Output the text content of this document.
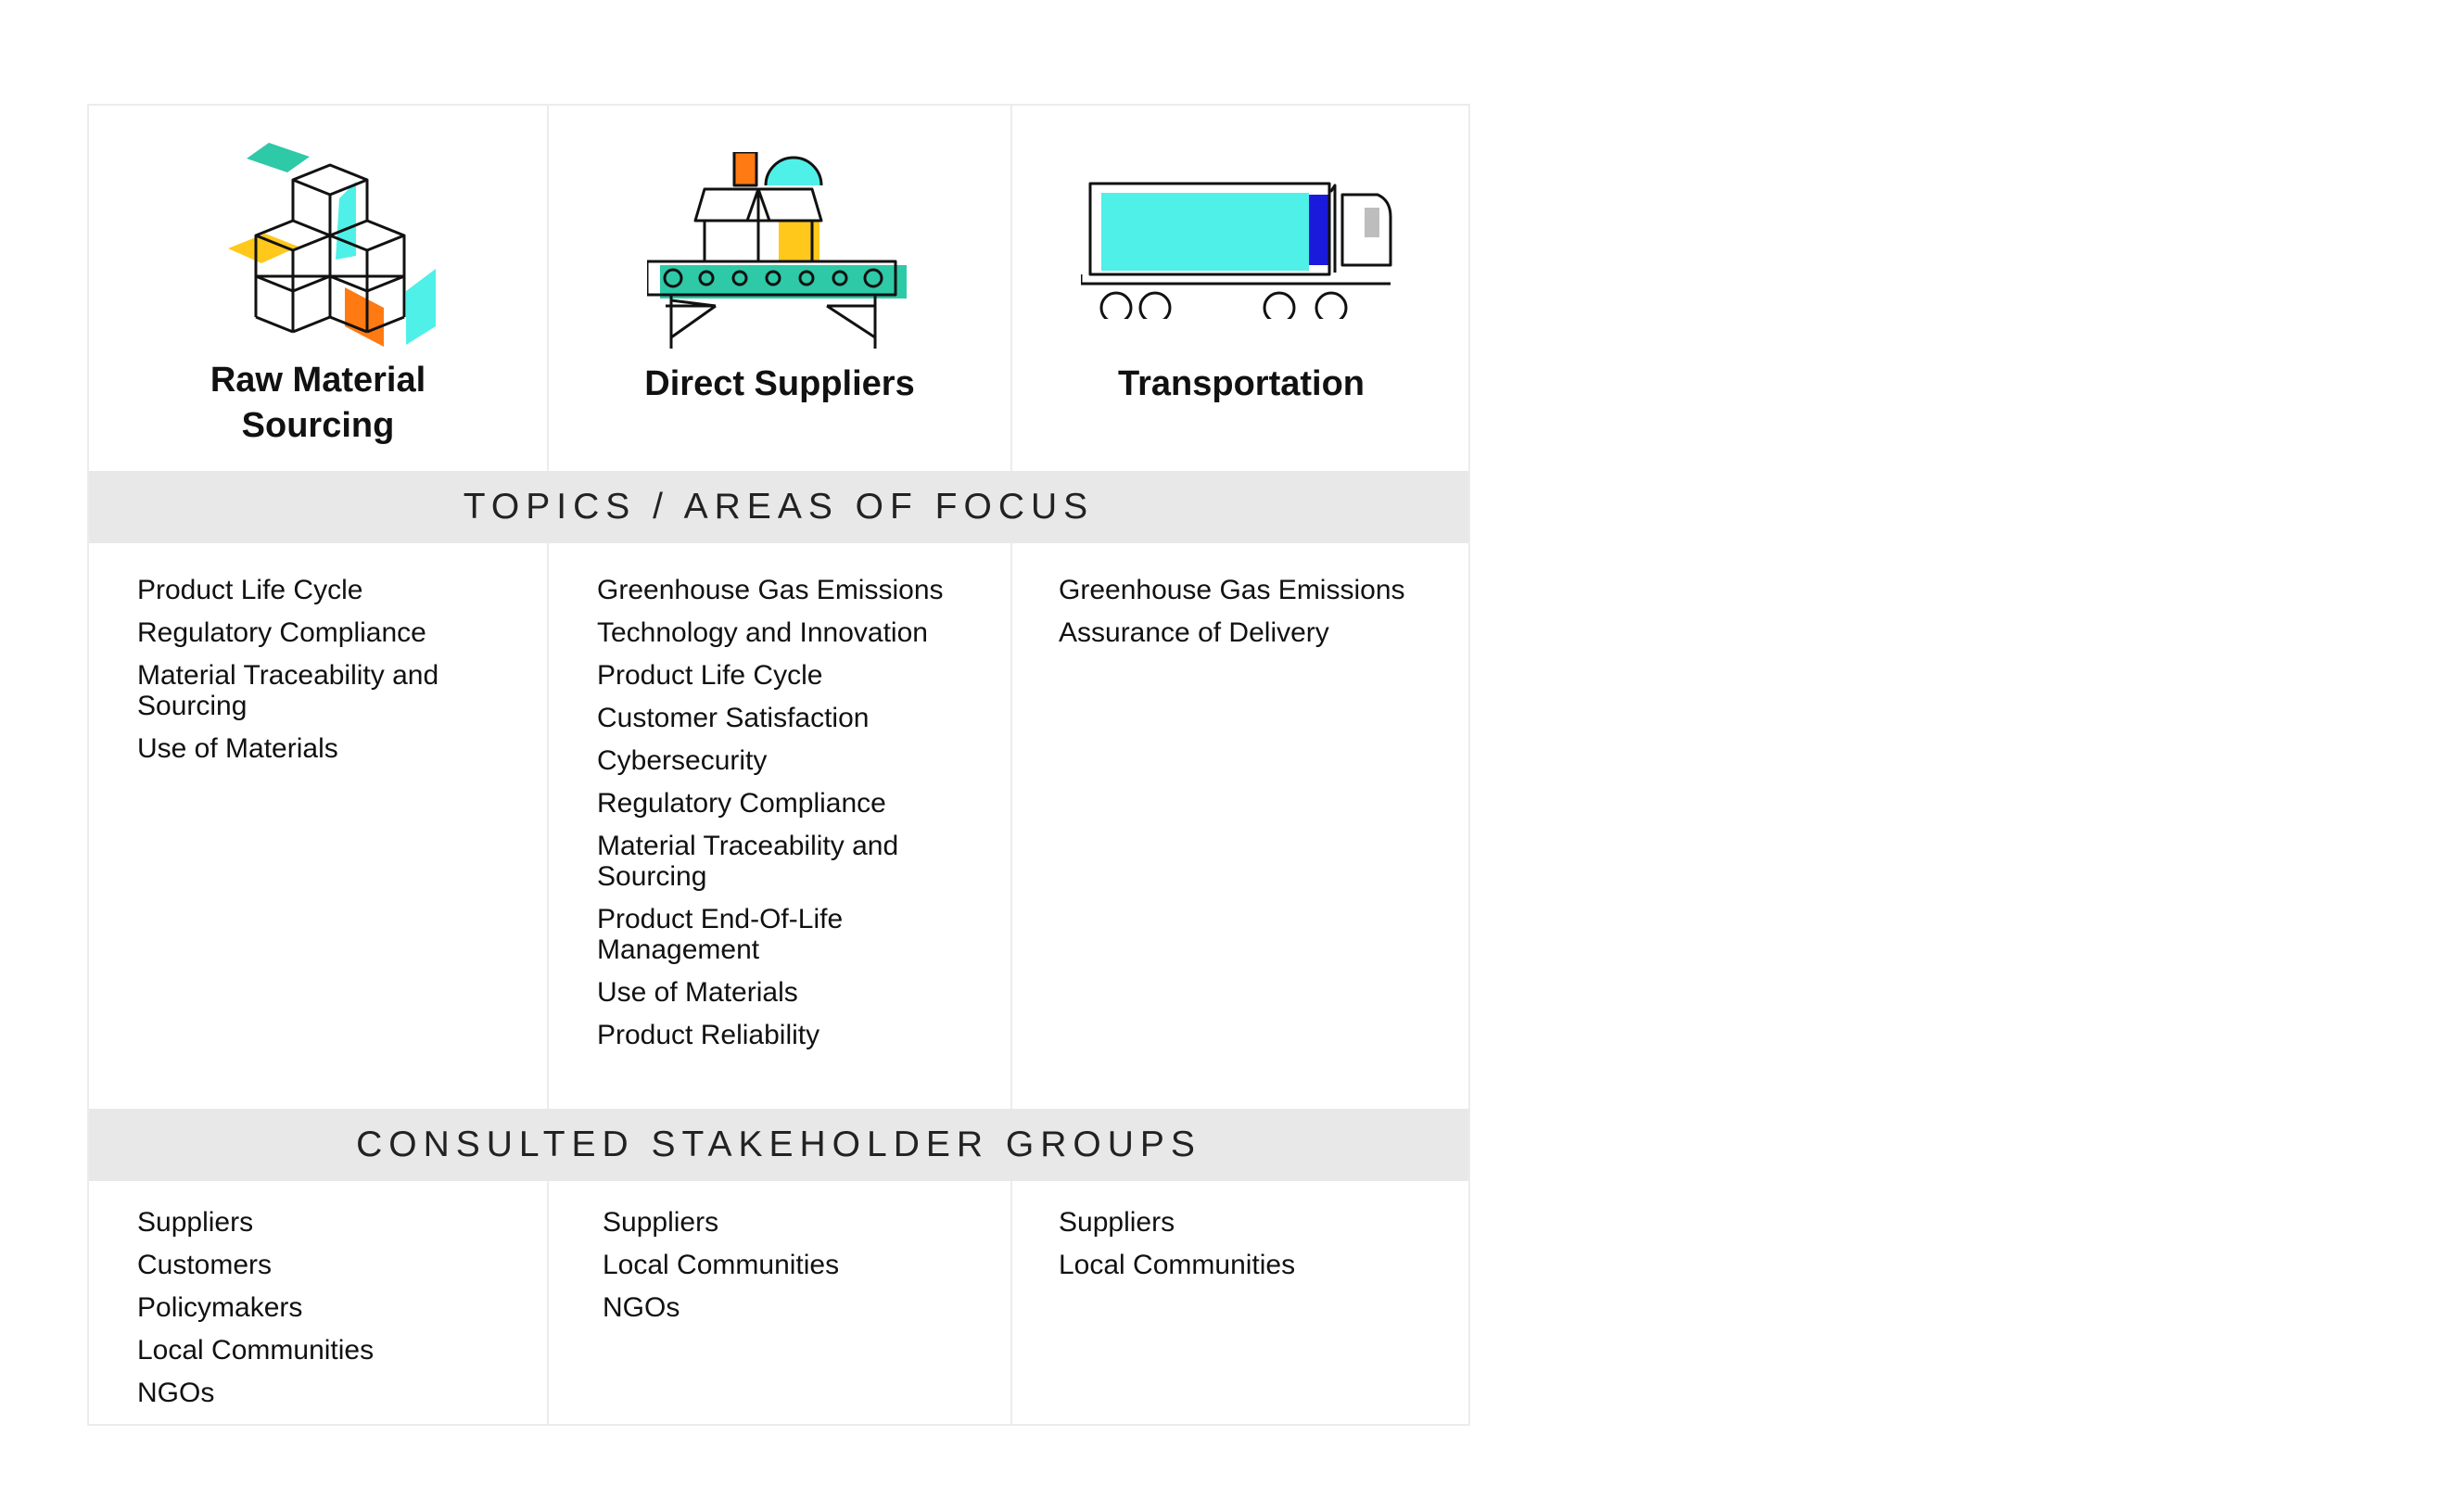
Raw Material
Sourcing
Direct Suppliers	Transportation
TOPICS / AREAS OF FOCUS
Product Life Cycle
Regulatory Compliance
Material Traceability and Sourcing
Use of Materials
Greenhouse Gas Emissions
Technology and Innovation
Product Life Cycle
Customer Satisfaction
Cybersecurity
Regulatory Compliance
Material Traceability and Sourcing
Product End-Of-Life Management
Use of Materials
Product Reliability
Greenhouse Gas Emissions
Assurance of Delivery
CONSULTED STAKEHOLDER GROUPS
Suppliers
Customers
Policymakers
Local Communities
NGOs
Suppliers
Local Communities
NGOs
Suppliers
Local Communities
